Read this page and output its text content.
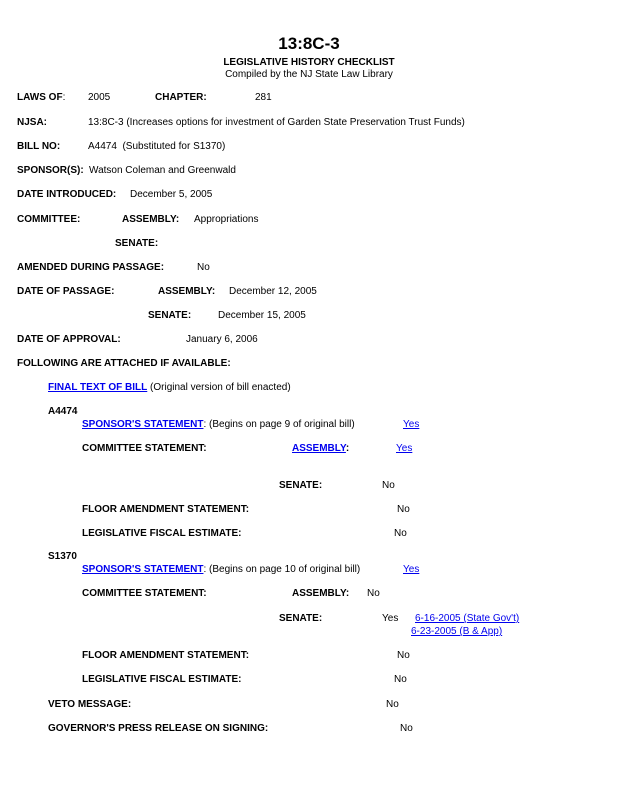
13:8C-3
LEGISLATIVE HISTORY CHECKLIST
Compiled by the NJ State Law Library
LAWS OF: 2005	CHAPTER:	281
NJSA:	13:8C-3 (Increases options for investment of Garden State Preservation Trust Funds)
BILL NO:	A4474  (Substituted for S1370)
SPONSOR(S): Watson Coleman and Greenwald
DATE INTRODUCED: December 5, 2005
COMMITTEE:	ASSEMBLY: Appropriations
SENATE:
AMENDED DURING PASSAGE:	No
DATE OF PASSAGE:	ASSEMBLY: December 12, 2005
SENATE:	December 15, 2005
DATE OF APPROVAL:	January 6, 2006
FOLLOWING ARE ATTACHED IF AVAILABLE:
FINAL TEXT OF BILL (Original version of bill enacted)
A4474
SPONSOR'S STATEMENT: (Begins on page 9 of original bill)	Yes
COMMITTEE STATEMENT:	ASSEMBLY:	Yes
SENATE:	No
FLOOR AMENDMENT STATEMENT:	No
LEGISLATIVE FISCAL ESTIMATE:	No
S1370
SPONSOR'S STATEMENT: (Begins on page 10 of original bill)	Yes
COMMITTEE STATEMENT:	ASSEMBLY: No
SENATE:	Yes 6-16-2005 (State Gov't)
6-23-2005 (B & App)
FLOOR AMENDMENT STATEMENT:	No
LEGISLATIVE FISCAL ESTIMATE:	No
VETO MESSAGE:	No
GOVERNOR'S PRESS RELEASE ON SIGNING:	No
